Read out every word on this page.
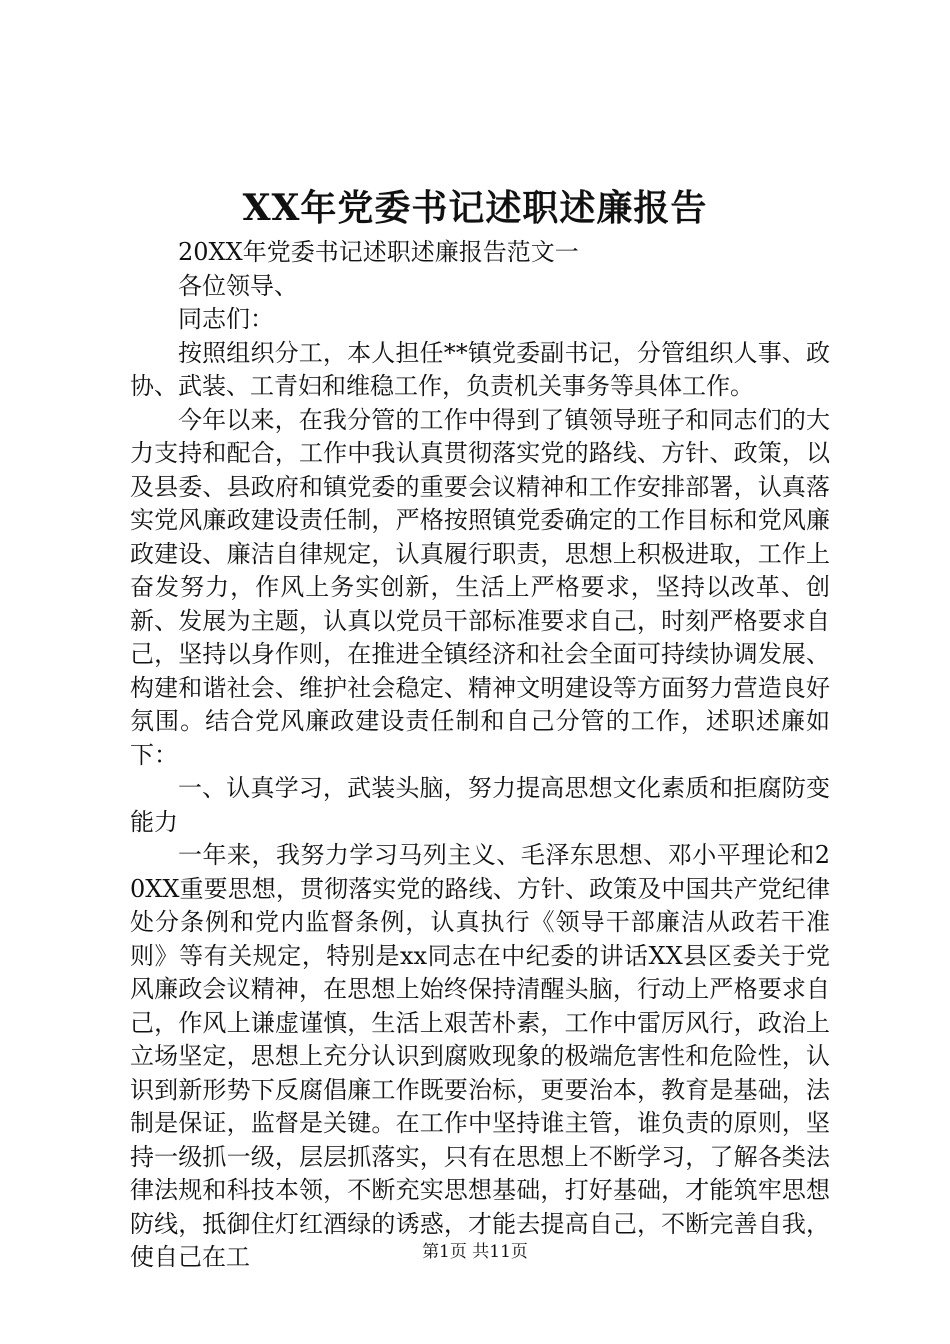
XX年党委书记述职述廉报告

20XX年党委书记述职述廉报告范文一

各位领导、

同志们：

按照组织分工，本人担任**镇党委副书记，分管组织人事、政协、武装、工青妇和维稳工作，负责机关事务等具体工作。

今年以来，在我分管的工作中得到了镇领导班子和同志们的大力支持和配合，工作中我认真贯彻落实党的路线、方针、政策，以及县委、县政府和镇党委的重要会议精神和工作安排部署，认真落实党风廉政建设责任制，严格按照镇党委确定的工作目标和党风廉政建设、廉洁自律规定，认真履行职责，思想上积极进取，工作上奋发努力，作风上务实创新，生活上严格要求，坚持以改革、创新、发展为主题，认真以党员干部标准要求自己，时刻严格要求自己，坚持以身作则，在推进全镇经济和社会全面可持续协调发展、构建和谐社会、维护社会稳定、精神文明建设等方面努力营造良好氛围。结合党风廉政建设责任制和自己分管的工作，述职述廉如下：

一、认真学习，武装头脑，努力提高思想文化素质和拒腐防变能力

一年来，我努力学习马列主义、毛泽东思想、邓小平理论和20XX重要思想，贯彻落实党的路线、方针、政策及中国共产党纪律处分条例和党内监督条例，认真执行《领导干部廉洁从政若干准则》等有关规定，特别是xx同志在中纪委的讲话XX县区委关于党风廉政会议精神，在思想上始终保持清醒头脑，行动上严格要求自己，作风上谦虚谨慎，生活上艰苦朴素，工作中雷厉风行，政治上立场坚定，思想上充分认识到腐败现象的极端危害性和危险性，认识到新形势下反腐倡廉工作既要治标，更要治本，教育是基础，法制是保证，监督是关键。在工作中坚持谁主管，谁负责的原则，坚持一级抓一级，层层抓落实，只有在思想上不断学习，了解各类法律法规和科技本领，不断充实思想基础，打好基础，才能筑牢思想防线，抵御住灯红酒绿的诱惑，才能去提高自己，不断完善自我，使自己在工	第1页 共11页
